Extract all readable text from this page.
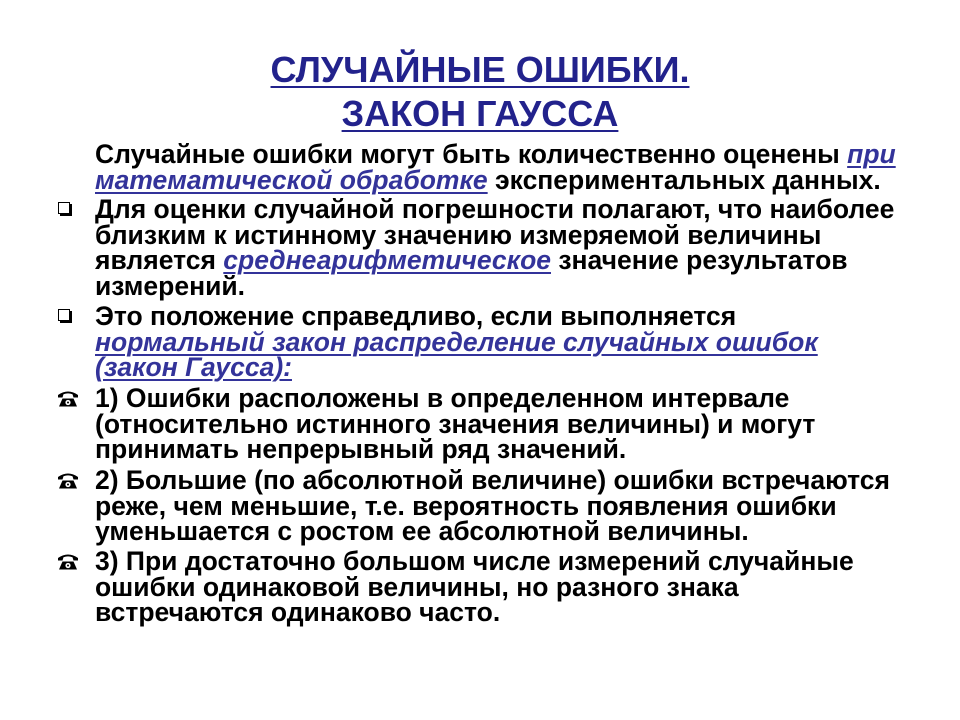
СЛУЧАЙНЫЕ ОШИБКИ.
ЗАКОН ГАУССА
Случайные ошибки могут быть количественно оценены при
математической обработке экспериментальных данных.
Для оценки случайной погрешности полагают, что наиболее
близким к истинному значению измеряемой величины
является среднеарифметическое значение результатов
измерений.
Это положение справедливо, если выполняется
нормальный закон распределение случайных ошибок
(закон Гаусса):
1) Ошибки расположены в определенном интервале
(относительно истинного значения величины) и могут
принимать непрерывный ряд значений.
2) Большие (по абсолютной величине) ошибки встречаются
реже, чем меньшие, т.е. вероятность появления ошибки
уменьшается с ростом ее абсолютной величины.
3) При достаточно большом числе измерений случайные
ошибки одинаковой величины, но разного знака
встречаются одинаково часто.
